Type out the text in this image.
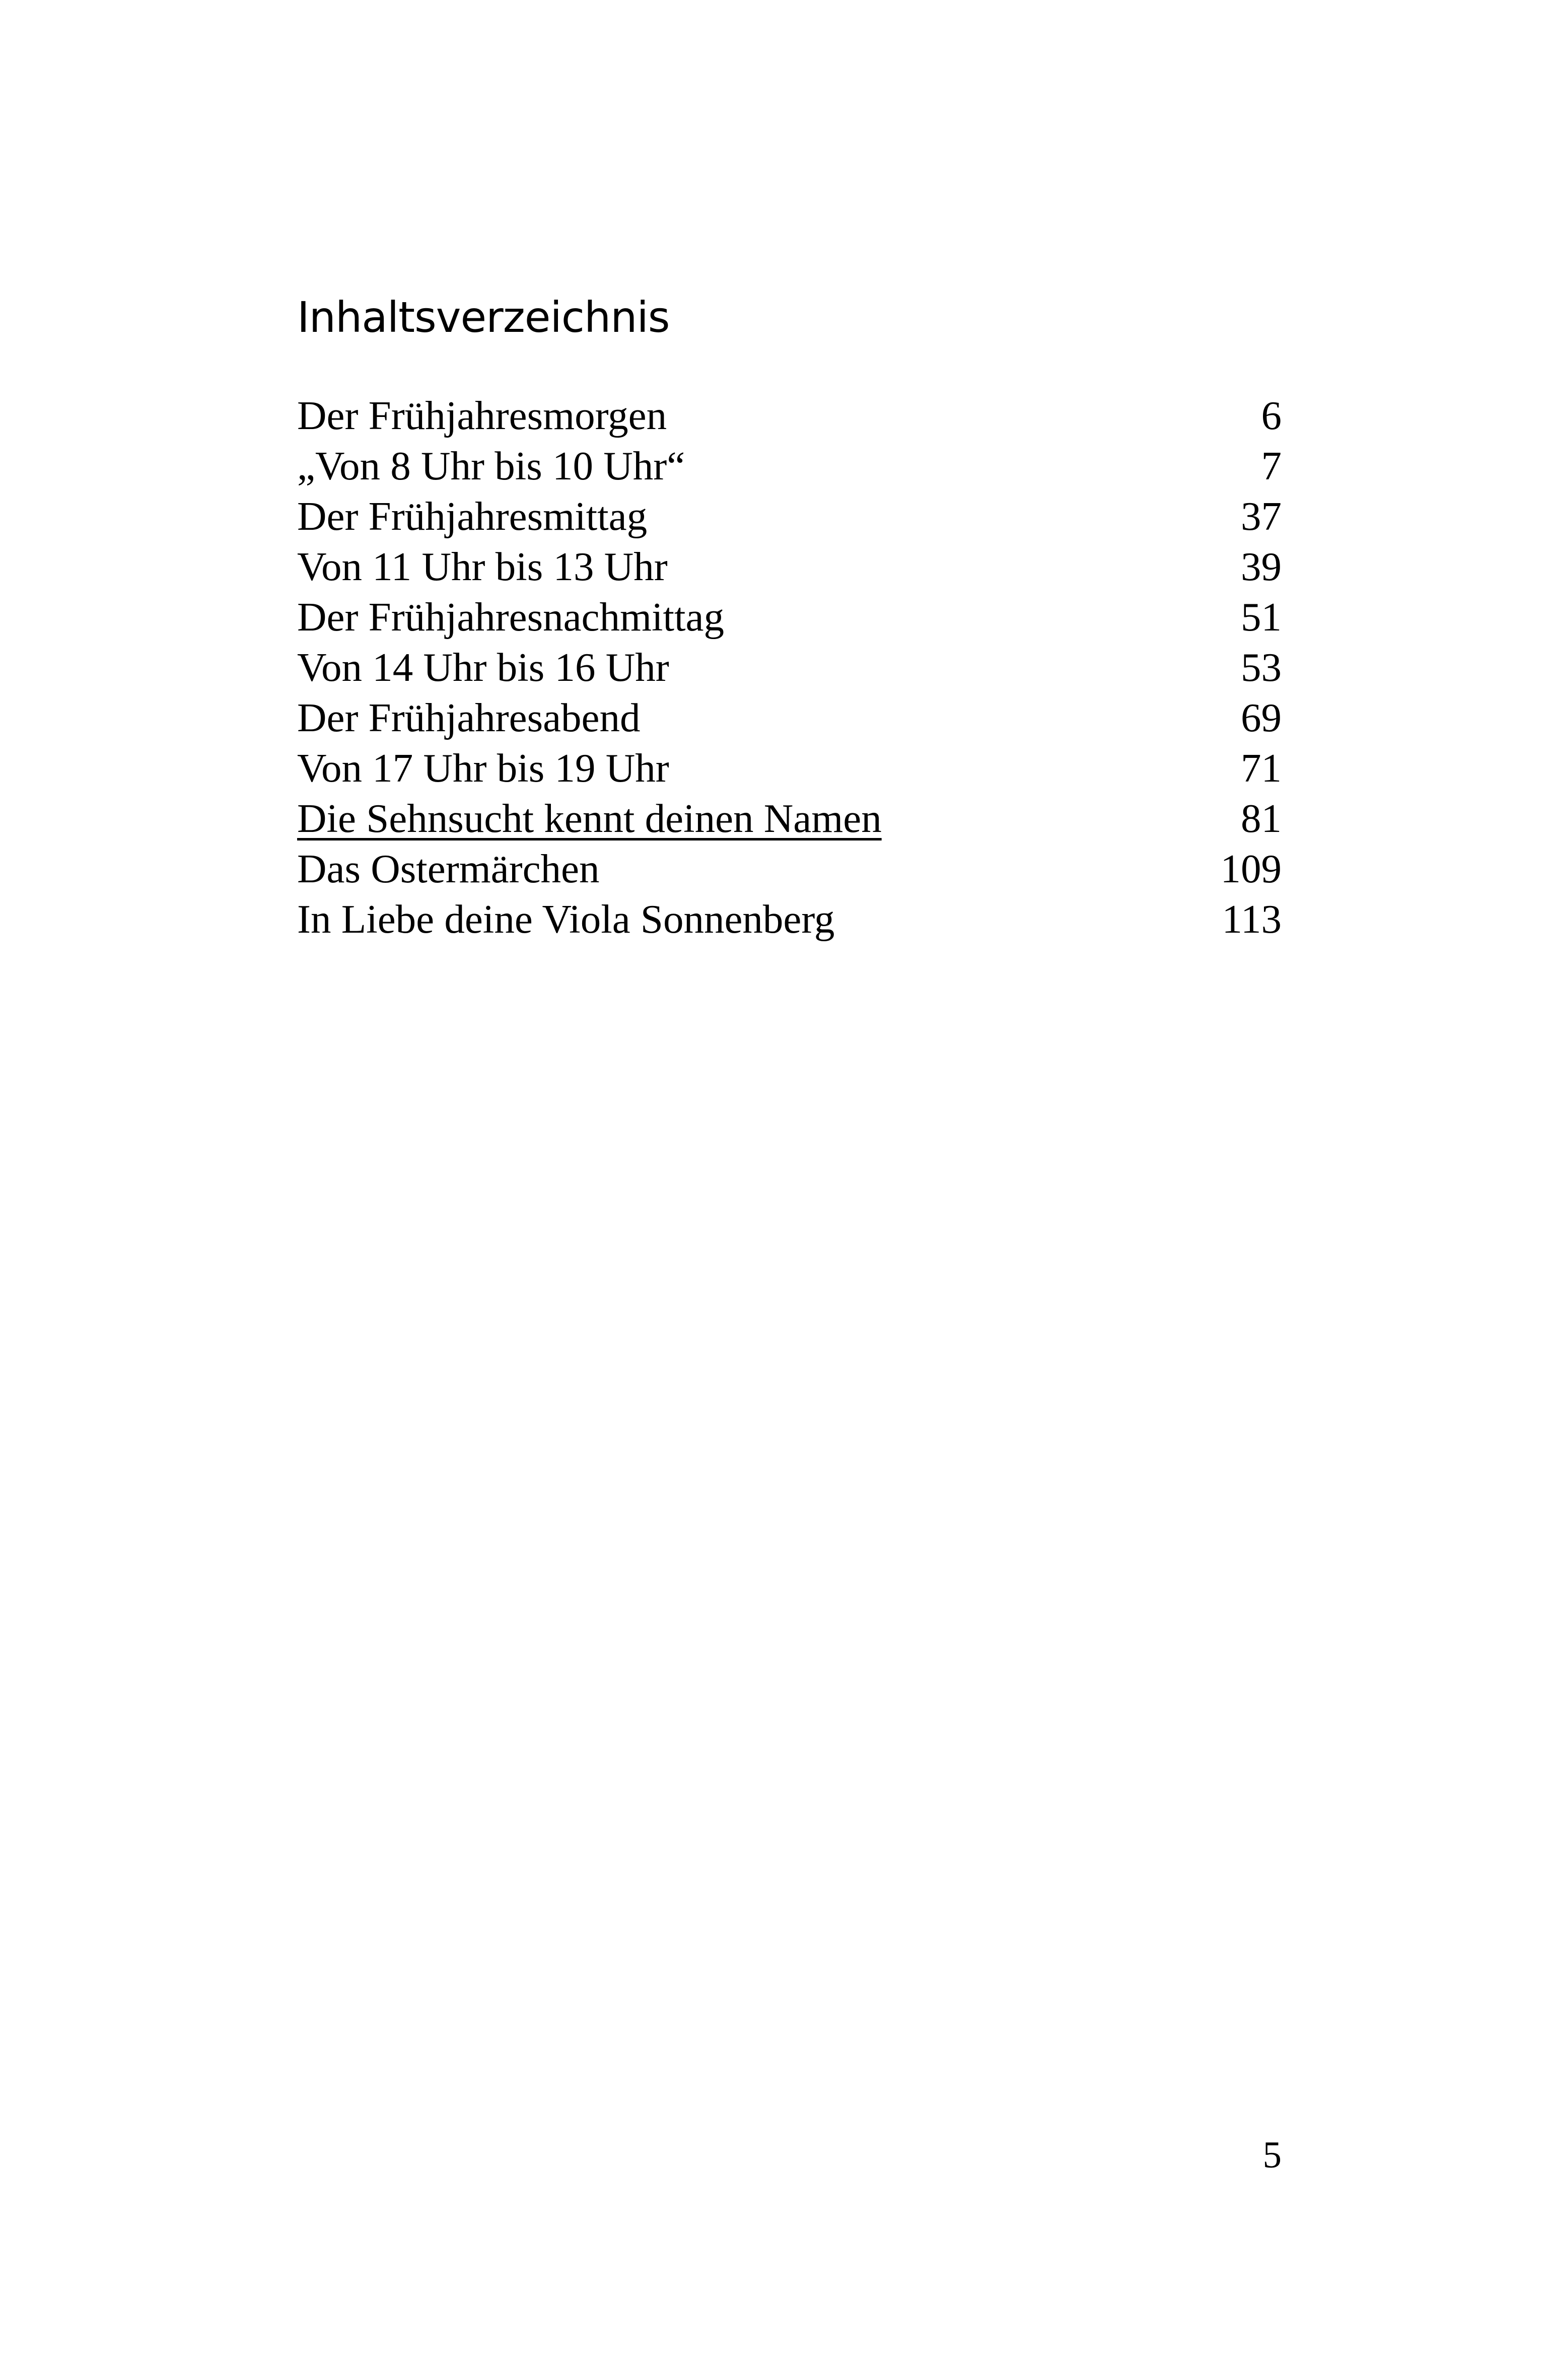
Inhaltsverzeichnis
Der Frühjahresmorgen	6
„Von 8 Uhr bis 10 Uhr“	7
Der Frühjahresmittag	37
Von 11 Uhr bis 13 Uhr	39
Der Frühjahresnachmittag	51
Von 14 Uhr bis 16 Uhr	53
Der Frühjahresabend	69
Von 17 Uhr bis 19 Uhr	71
Die Sehnsucht kennt deinen Namen	81
Das Ostermärchen	109
In Liebe deine Viola Sonnenberg	113
5
